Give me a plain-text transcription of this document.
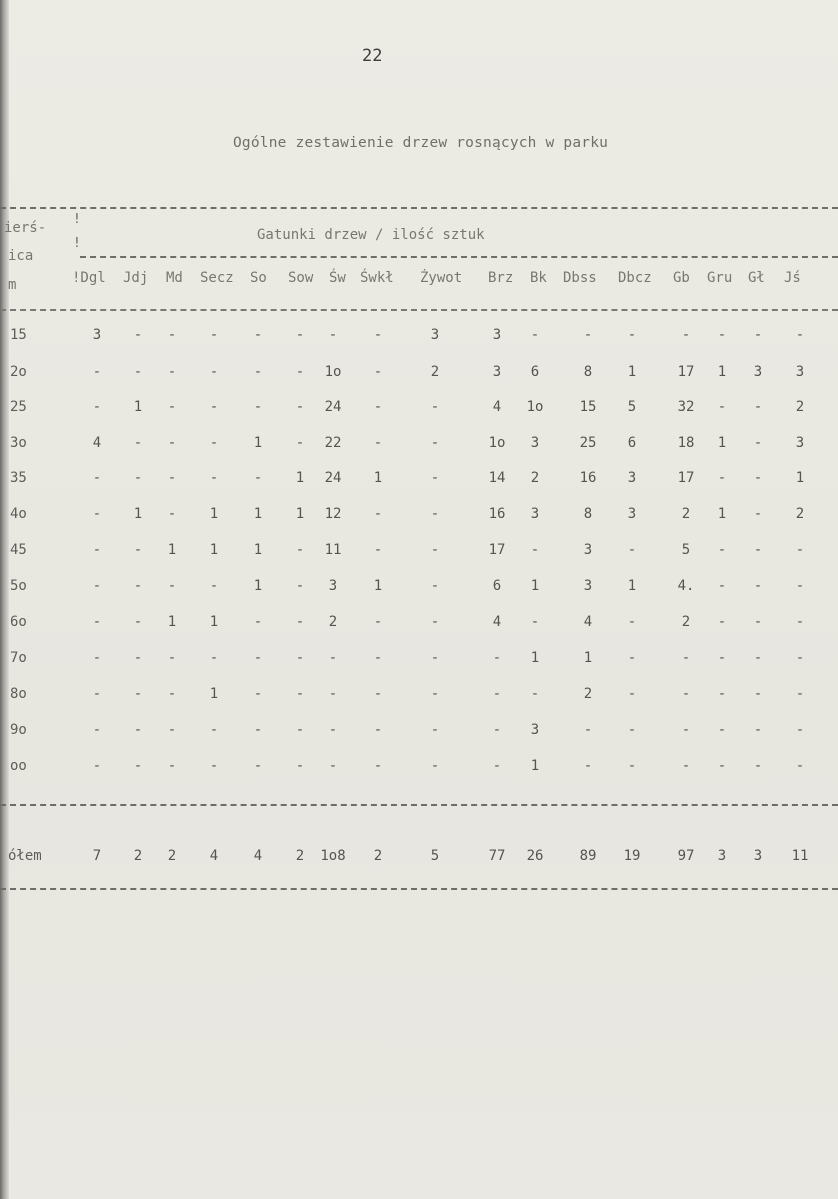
22
Ogólne zestawienie drzew rosnących w parku
!
!
ierś-
ica
m
Gatunki drzew / ilość sztuk
!Dgl Jdj Md Secz So Sow Św Śwkł Żywot Brz Bk Dbss Dbcz Gb Gru Gł Jś
15	3	-	-	-	-	-	-	-	3	3	-	-	-	-	-	-	-
2o	-	-	-	-	-	-	1o	-	2	3	6	8	1	17	1	3	3
25	-	1	-	-	-	-	24	-	-	4	1o	15	5	32	-	-	2
3o	4	-	-	-	1	-	22	-	-	1o	3	25	6	18	1	-	3
35	-	-	-	-	-	1	24	1	-	14	2	16	3	17	-	-	1
4o	-	1	-	1	1	1	12	-	-	16	3	8	3	2	1	-	2
45	-	-	1	1	1	-	11	-	-	17	-	3	-	5	-	-	-
5o	-	-	-	-	1	-	3	1	-	6	1	3	1	4.	-	-	-
6o	-	-	1	1	-	-	2	-	-	4	-	4	-	2	-	-	-
7o	-	-	-	-	-	-	-	-	-	-	1	1	-	-	-	-	-
8o	-	-	-	1	-	-	-	-	-	-	-	2	-	-	-	-	-
9o	-	-	-	-	-	-	-	-	-	-	3	-	-	-	-	-	-
oo	-	-	-	-	-	-	-	-	-	-	1	-	-	-	-	-	-
ółem	7	2	2	4	4	2	1o8	2	5	77	26	89	19	97	3	3	11
